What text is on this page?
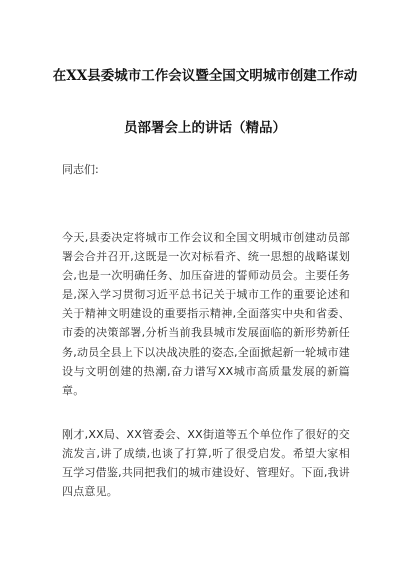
在XX县委城市工作会议暨全国文明城市创建工作动
员部署会上的讲话（精品）

同志们:

今天,县委决定将城市工作会议和全国文明城市创建动员部署会合并召开,这既是一次对标看齐、统一思想的战略谋划会,也是一次明确任务、加压奋进的誓师动员会。主要任务是,深入学习贯彻习近平总书记关于城市工作的重要论述和关于精神文明建设的重要指示精神,全面落实中央和省委、市委的决策部署,分析当前我县城市发展面临的新形势新任务,动员全县上下以决战决胜的姿态,全面掀起新一轮城市建设与文明创建的热潮,奋力谱写XX城市高质量发展的新篇章。

刚才,XX局、XX管委会、XX街道等五个单位作了很好的交流发言,讲了成绩,也谈了打算,听了很受启发。希望大家相互学习借鉴,共同把我们的城市建设好、管理好。下面,我讲四点意见。
